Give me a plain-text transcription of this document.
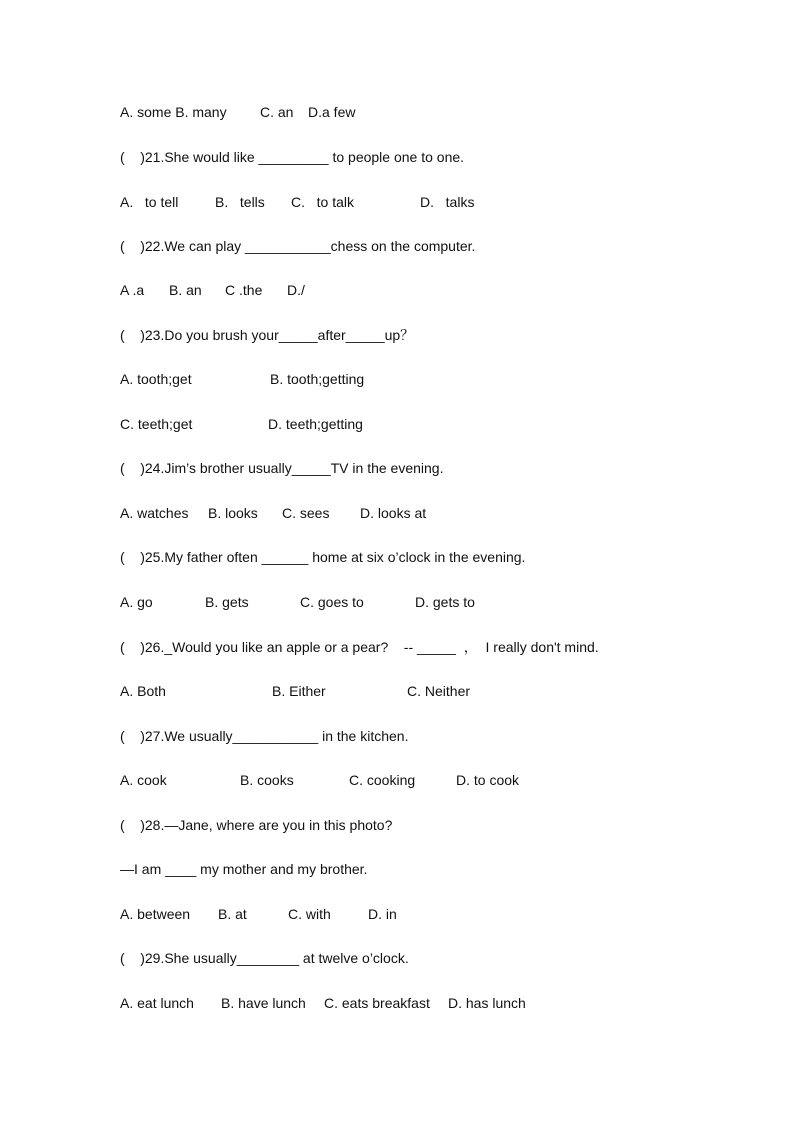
A. some B. many

C. an

D.a few

(    )21.She would like _________ to people one to one.

A.   to tell

	B.   tells

C.   to talk

	D.   talks

(    )22.We can play ___________chess on the computer.

A .a

B. an

C .the

D./

(    )23.Do you brush your_____after_____up？

A. tooth;get

	B. tooth;getting

C. teeth;get

	D. teeth;getting

(    )24.Jim’s brother usually_____TV in the evening.

A. watches

B. looks

C. sees

D. looks at

(    )25.My father often ______ home at six o’clock in the evening.

A. go

	B. gets

	C. goes to

	D. gets to

(    )26._Would you like an apple or a pear?    -- _____  ，  I really don't mind.

A. Both

	B. Either

	C. Neither

(    )27.We usually___________ in the kitchen.

A. cook

	B. cooks

	C. cooking

	D. to cook

(    )28.—Jane, where are you in this photo?

—I am ____ my mother and my brother.

A. between

B. at

	C. with

	D. in

(    )29.She usually________ at twelve o’clock.

A. eat lunch

B. have lunch

C. eats breakfast

D. has lunch
